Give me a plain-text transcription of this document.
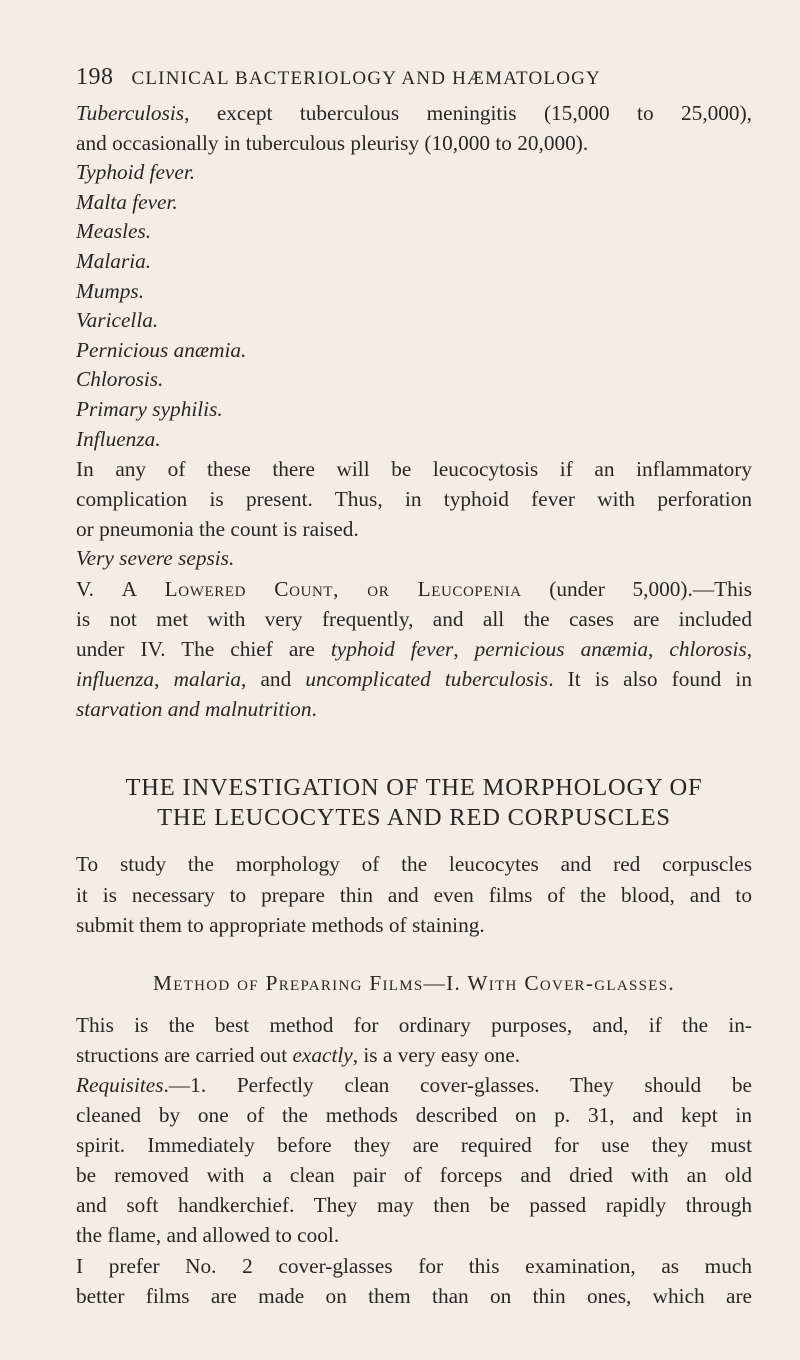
198 CLINICAL BACTERIOLOGY AND HÆMATOLOGY
Tuberculosis, except tuberculous meningitis (15,000 to 25,000),
and occasionally in tuberculous pleurisy (10,000 to 20,000).
Typhoid fever.
Malta fever.
Measles.
Malaria.
Mumps.
Varicella.
Pernicious anæmia.
Chlorosis.
Primary syphilis.
Influenza.
In any of these there will be leucocytosis if an inflammatory
complication is present. Thus, in typhoid fever with perforation
or pneumonia the count is raised.
Very severe sepsis.
V. A Lowered Count, or Leucopenia (under 5,000).—This
is not met with very frequently, and all the cases are included
under IV. The chief are typhoid fever, pernicious anæmia, chlorosis,
influenza, malaria, and uncomplicated tuberculosis. It is also found in
starvation and malnutrition.
THE INVESTIGATION OF THE MORPHOLOGY OF
THE LEUCOCYTES AND RED CORPUSCLES
To study the morphology of the leucocytes and red corpuscles
it is necessary to prepare thin and even films of the blood, and to
submit them to appropriate methods of staining.
Method of Preparing Films—I. With Cover-glasses.
This is the best method for ordinary purposes, and, if the in-
structions are carried out exactly, is a very easy one.
Requisites.—1. Perfectly clean cover-glasses. They should be
cleaned by one of the methods described on p. 31, and kept in
spirit. Immediately before they are required for use they must
be removed with a clean pair of forceps and dried with an old
and soft handkerchief. They may then be passed rapidly through
the flame, and allowed to cool.
I prefer No. 2 cover-glasses for this examination, as much
better films are made on them than on thin ones, which are
